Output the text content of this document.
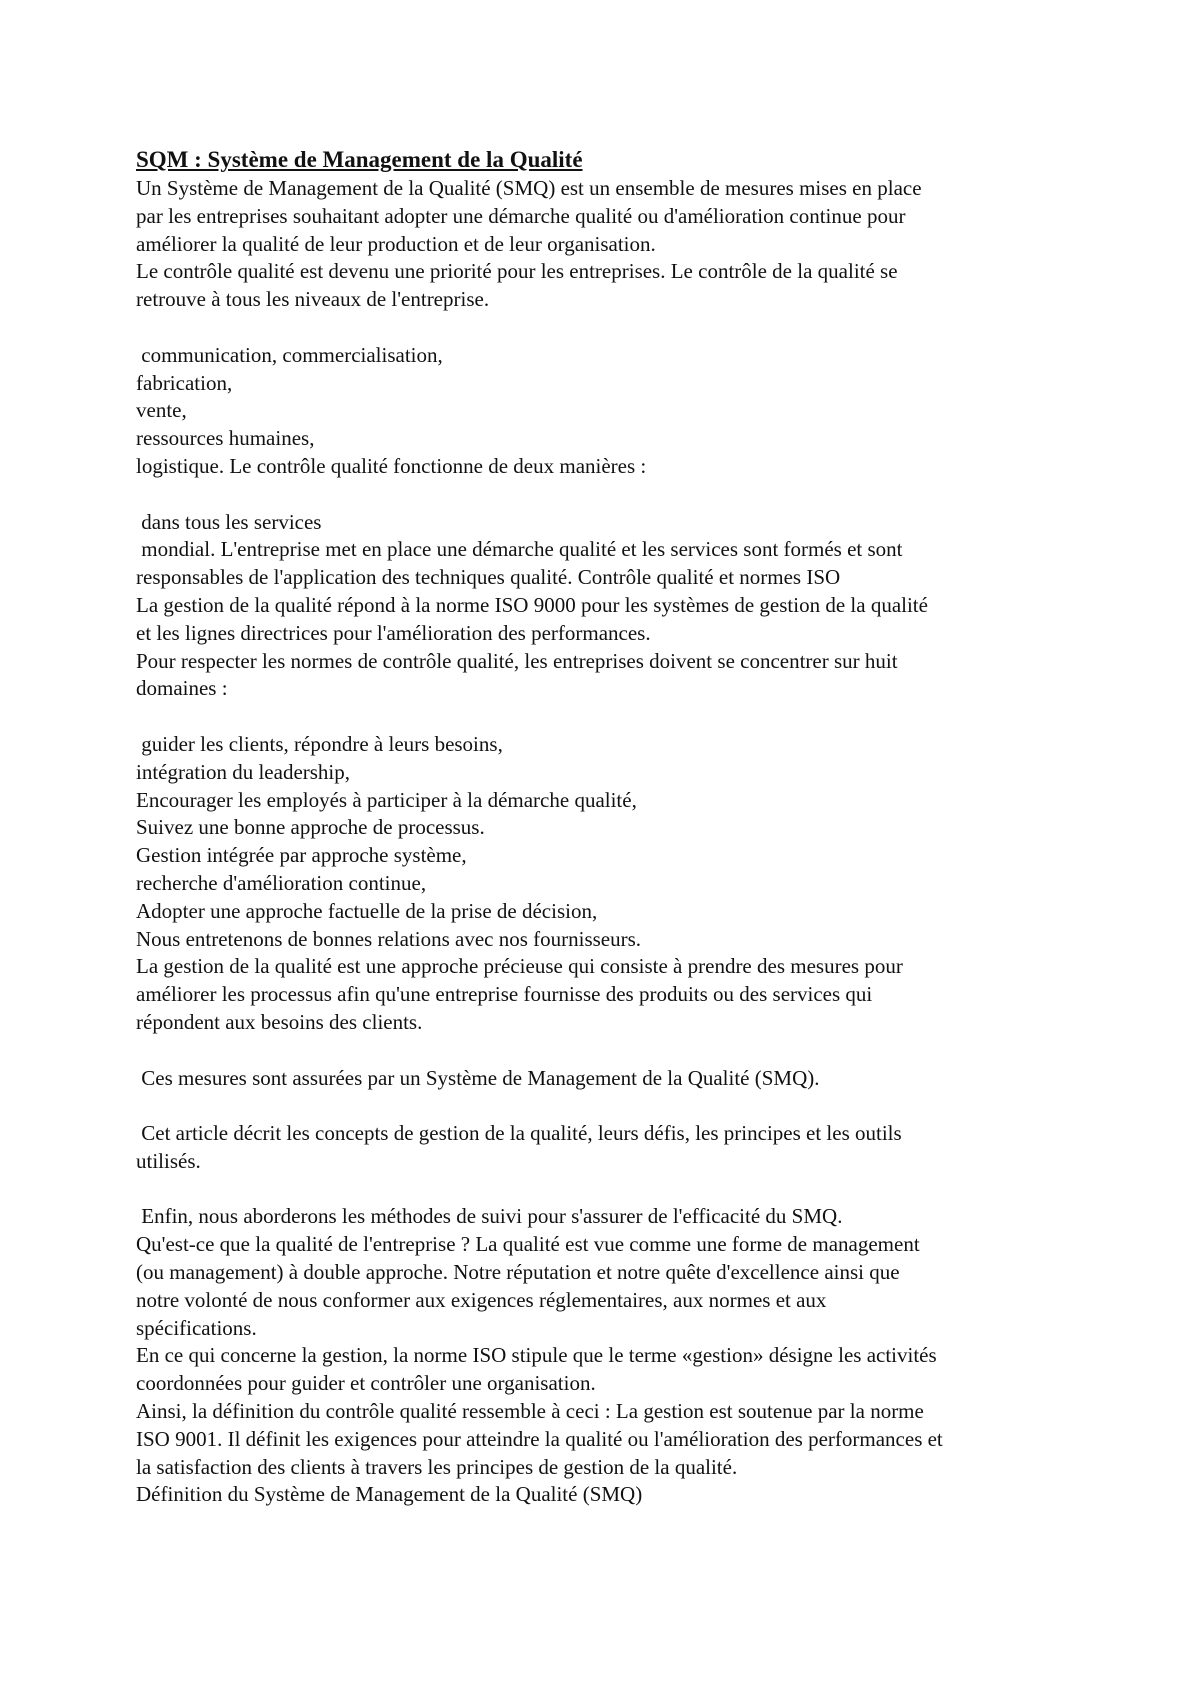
SQM : Système de Management de la Qualité
Un Système de Management de la Qualité (SMQ) est un ensemble de mesures mises en place
par les entreprises souhaitant adopter une démarche qualité ou d'amélioration continue pour
améliorer la qualité de leur production et de leur organisation.
Le contrôle qualité est devenu une priorité pour les entreprises. Le contrôle de la qualité se
retrouve à tous les niveaux de l'entreprise.
communication, commercialisation,
fabrication,
vente,
ressources humaines,
logistique. Le contrôle qualité fonctionne de deux manières :
dans tous les services
mondial. L'entreprise met en place une démarche qualité et les services sont formés et sont
responsables de l'application des techniques qualité. Contrôle qualité et normes ISO
La gestion de la qualité répond à la norme ISO 9000 pour les systèmes de gestion de la qualité
et les lignes directrices pour l'amélioration des performances.
Pour respecter les normes de contrôle qualité, les entreprises doivent se concentrer sur huit
domaines :
guider les clients, répondre à leurs besoins,
intégration du leadership,
Encourager les employés à participer à la démarche qualité,
Suivez une bonne approche de processus.
Gestion intégrée par approche système,
recherche d'amélioration continue,
Adopter une approche factuelle de la prise de décision,
Nous entretenons de bonnes relations avec nos fournisseurs.
La gestion de la qualité est une approche précieuse qui consiste à prendre des mesures pour
améliorer les processus afin qu'une entreprise fournisse des produits ou des services qui
répondent aux besoins des clients.
Ces mesures sont assurées par un Système de Management de la Qualité (SMQ).
Cet article décrit les concepts de gestion de la qualité, leurs défis, les principes et les outils
utilisés.
Enfin, nous aborderons les méthodes de suivi pour s'assurer de l'efficacité du SMQ.
Qu'est-ce que la qualité de l'entreprise ? La qualité est vue comme une forme de management
(ou management) à double approche. Notre réputation et notre quête d'excellence ainsi que
notre volonté de nous conformer aux exigences réglementaires, aux normes et aux
spécifications.
En ce qui concerne la gestion, la norme ISO stipule que le terme «gestion» désigne les activités
coordonnées pour guider et contrôler une organisation.
Ainsi, la définition du contrôle qualité ressemble à ceci : La gestion est soutenue par la norme
ISO 9001. Il définit les exigences pour atteindre la qualité ou l'amélioration des performances et
la satisfaction des clients à travers les principes de gestion de la qualité.
Définition du Système de Management de la Qualité (SMQ)
